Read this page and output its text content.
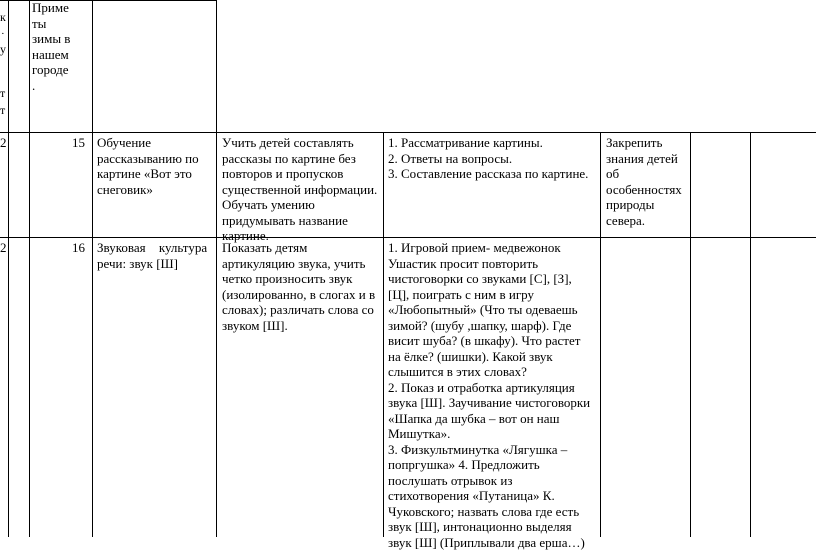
к
·
у
т
т
Приме
ты
зимы в
нашем
городе
.
2	15 Обучение
рассказыванию по
картине «Вот это
снеговик»
Учить детей составлять
рассказы по картине без
повторов и пропусков
существенной информации.
Обучать умению
придумывать название
картине.
1. Рассматривание картины.
2. Ответы на вопросы.
3. Составление рассказа по картине.
Закрепить
знания детей
об
особенностях
природы
севера.
2	16 Звуковая культура
речи: звук [Ш]
Показать детям
артикуляцию звука, учить
четко произносить звук
(изолированно, в слогах и в
словах); различать слова со
звуком [Ш].
1. Игровой прием- медвежонок
Ушастик просит повторить
чистоговорки со звуками [С], [З],
[Ц], поиграть с ним в игру
«Любопытный» (Что ты одеваешь
зимой? (шубу ,шапку, шарф). Где
висит шуба? (в шкафу). Что растет
на ёлке? (шишки). Какой звук
слышится в этих словах?
2. Показ и отработка артикуляция
звука [Ш]. Заучивание чистоговорки
«Шапка да шубка – вот он наш
Мишутка».
3. Физкультминутка «Лягушка –
попргушка» 4. Предложить
послушать отрывок из
стихотворения «Путаница» К.
Чуковского; назвать слова где есть
звук [Ш], интонационно выделяя
звук [Ш] (Приплывали два ерша…)
